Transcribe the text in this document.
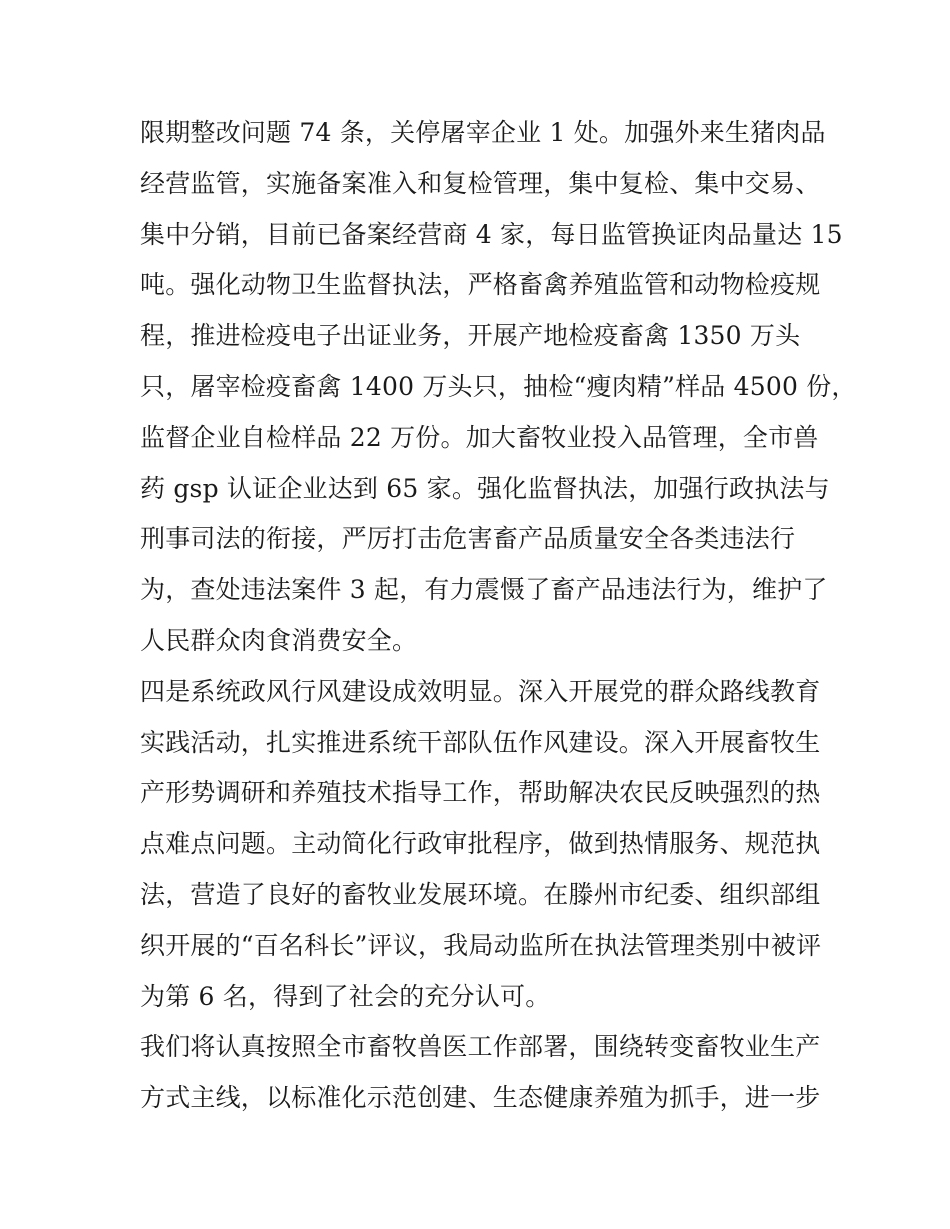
限期整改问题 74 条，关停屠宰企业 1 处。加强外来生猪肉品
经营监管，实施备案准入和复检管理，集中复检、集中交易、
集中分销，目前已备案经营商 4 家，每日监管换证肉品量达 15
吨。强化动物卫生监督执法，严格畜禽养殖监管和动物检疫规
程，推进检疫电子出证业务，开展产地检疫畜禽 1350 万头
只，屠宰检疫畜禽 1400 万头只，抽检“瘦肉精”样品 4500 份，
监督企业自检样品 22 万份。加大畜牧业投入品管理，全市兽
药 gsp 认证企业达到 65 家。强化监督执法，加强行政执法与
刑事司法的衔接，严厉打击危害畜产品质量安全各类违法行
为，查处违法案件 3 起，有力震慑了畜产品违法行为，维护了
人民群众肉食消费安全。
四是系统政风行风建设成效明显。深入开展党的群众路线教育
实践活动，扎实推进系统干部队伍作风建设。深入开展畜牧生
产形势调研和养殖技术指导工作，帮助解决农民反映强烈的热
点难点问题。主动简化行政审批程序，做到热情服务、规范执
法，营造了良好的畜牧业发展环境。在滕州市纪委、组织部组
织开展的“百名科长”评议，我局动监所在执法管理类别中被评
为第 6 名，得到了社会的充分认可。
我们将认真按照全市畜牧兽医工作部署，围绕转变畜牧业生产
方式主线，以标准化示范创建、生态健康养殖为抓手，进一步
